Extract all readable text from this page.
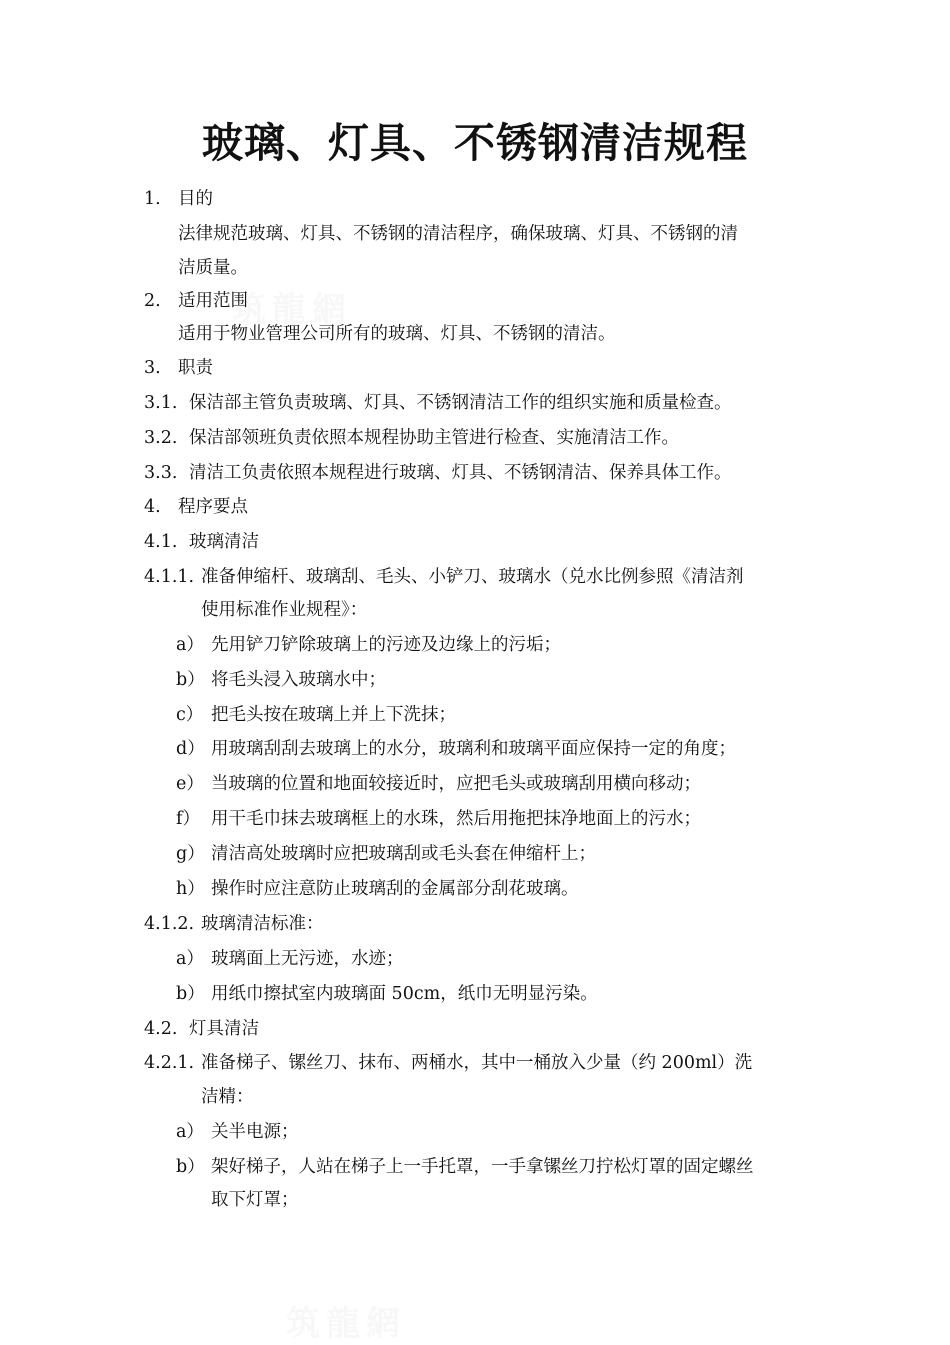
筑龍網
筑龍網
玻璃、灯具、不锈钢清洁规程
1. 目的
法律规范玻璃、灯具、不锈钢的清洁程序，确保玻璃、灯具、不锈钢的清
洁质量。
2. 适用范围
适用于物业管理公司所有的玻璃、灯具、不锈钢的清洁。
3. 职责
3.1. 保洁部主管负责玻璃、灯具、不锈钢清洁工作的组织实施和质量检查。
3.2. 保洁部领班负责依照本规程协助主管进行检查、实施清洁工作。
3.3. 清洁工负责依照本规程进行玻璃、灯具、不锈钢清洁、保养具体工作。
4. 程序要点
4.1. 玻璃清洁
4.1.1. 准备伸缩杆、玻璃刮、毛头、小铲刀、玻璃水（兑水比例参照《清洁剂
使用标准作业规程》：
a） 先用铲刀铲除玻璃上的污迹及边缘上的污垢；
b） 将毛头浸入玻璃水中；
c） 把毛头按在玻璃上并上下洗抹；
d） 用玻璃刮刮去玻璃上的水分，玻璃利和玻璃平面应保持一定的角度；
e） 当玻璃的位置和地面较接近时，应把毛头或玻璃刮用横向移动；
f） 用干毛巾抹去玻璃框上的水珠，然后用拖把抹净地面上的污水；
g） 清洁高处玻璃时应把玻璃刮或毛头套在伸缩杆上；
h） 操作时应注意防止玻璃刮的金属部分刮花玻璃。
4.1.2. 玻璃清洁标准：
a） 玻璃面上无污迹，水迹；
b） 用纸巾擦拭室内玻璃面 50cm，纸巾无明显污染。
4.2. 灯具清洁
4.2.1. 准备梯子、镙丝刀、抹布、两桶水，其中一桶放入少量（约 200ml）洗
洁精：
a） 关半电源；
b） 架好梯子，人站在梯子上一手托罩，一手拿镙丝刀拧松灯罩的固定螺丝
取下灯罩；
